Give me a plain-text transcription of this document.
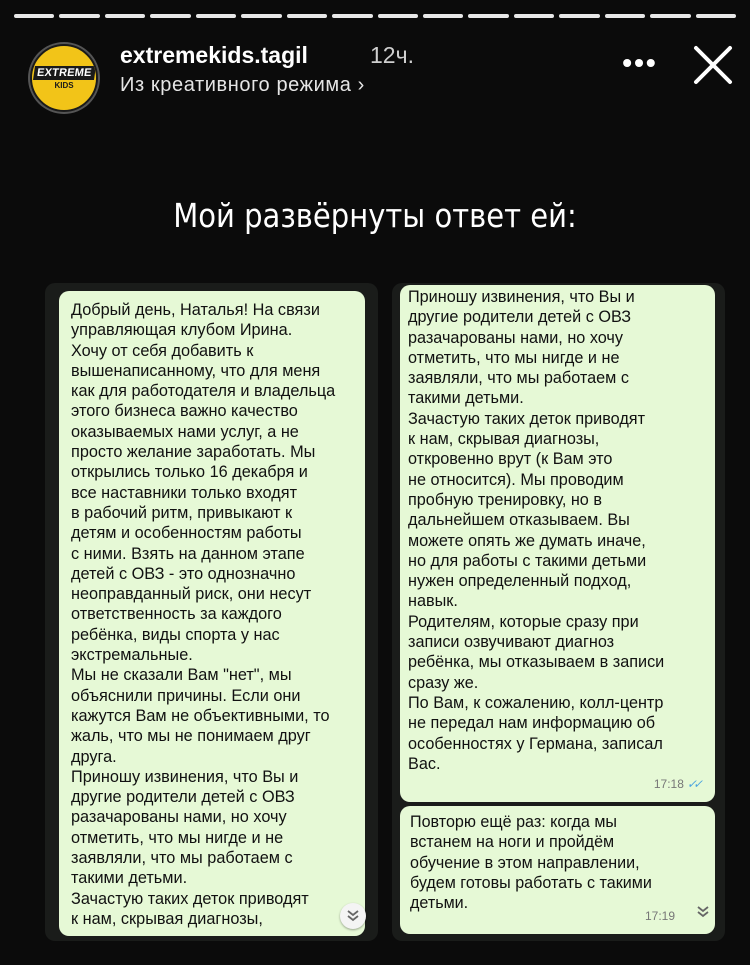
EXTREME
KIDS
extremekids.tagil	12ч.
Из креативного режима ›
•••
Мой развёрнуты ответ ей:
Добрый день, Наталья! На связи
управляющая клубом Ирина.
Хочу от себя добавить к
вышенаписанному, что для меня
как для работодателя и владельца
этого бизнеса важно качество
оказываемых нами услуг, а не
просто желание заработать. Мы
открылись только 16 декабря и
все наставники только входят
в рабочий ритм, привыкают к
детям и особенностям работы
с ними. Взять на данном этапе
детей с ОВЗ - это однозначно
неоправданный риск, они несут
ответственность за каждого
ребёнка, виды спорта у нас
экстремальные.
Мы не сказали Вам "нет", мы
объяснили причины. Если они
кажутся Вам не объективными, то
жаль, что мы не понимаем друг
друга.
Приношу извинения, что Вы и
другие родители детей с ОВЗ
разачарованы нами, но хочу
отметить, что мы нигде и не
заявляли, что мы работаем с
такими детьми.
Зачастую таких деток приводят
к нам, скрывая диагнозы,
Приношу извинения, что Вы и
другие родители детей с ОВЗ
разачарованы нами, но хочу
отметить, что мы нигде и не
заявляли, что мы работаем с
такими детьми.
Зачастую таких деток приводят
к нам, скрывая диагнозы,
откровенно врут (к Вам это
не относится). Мы проводим
пробную тренировку, но в
дальнейшем отказываем. Вы
можете опять же думать иначе,
но для работы с такими детьми
нужен определенный подход,
навык.
Родителям, которые сразу при
записи озвучивают диагноз
ребёнка, мы отказываем в записи
сразу же.
По Вам, к сожалению, колл-центр
не передал нам информацию об
особенностях у Германа, записал
Вас.
17:18 ✓✓
Повторю ещё раз: когда мы
встанем на ноги и пройдём
обучение в этом направлении,
будем готовы работать с такими
детьми.
17:19
